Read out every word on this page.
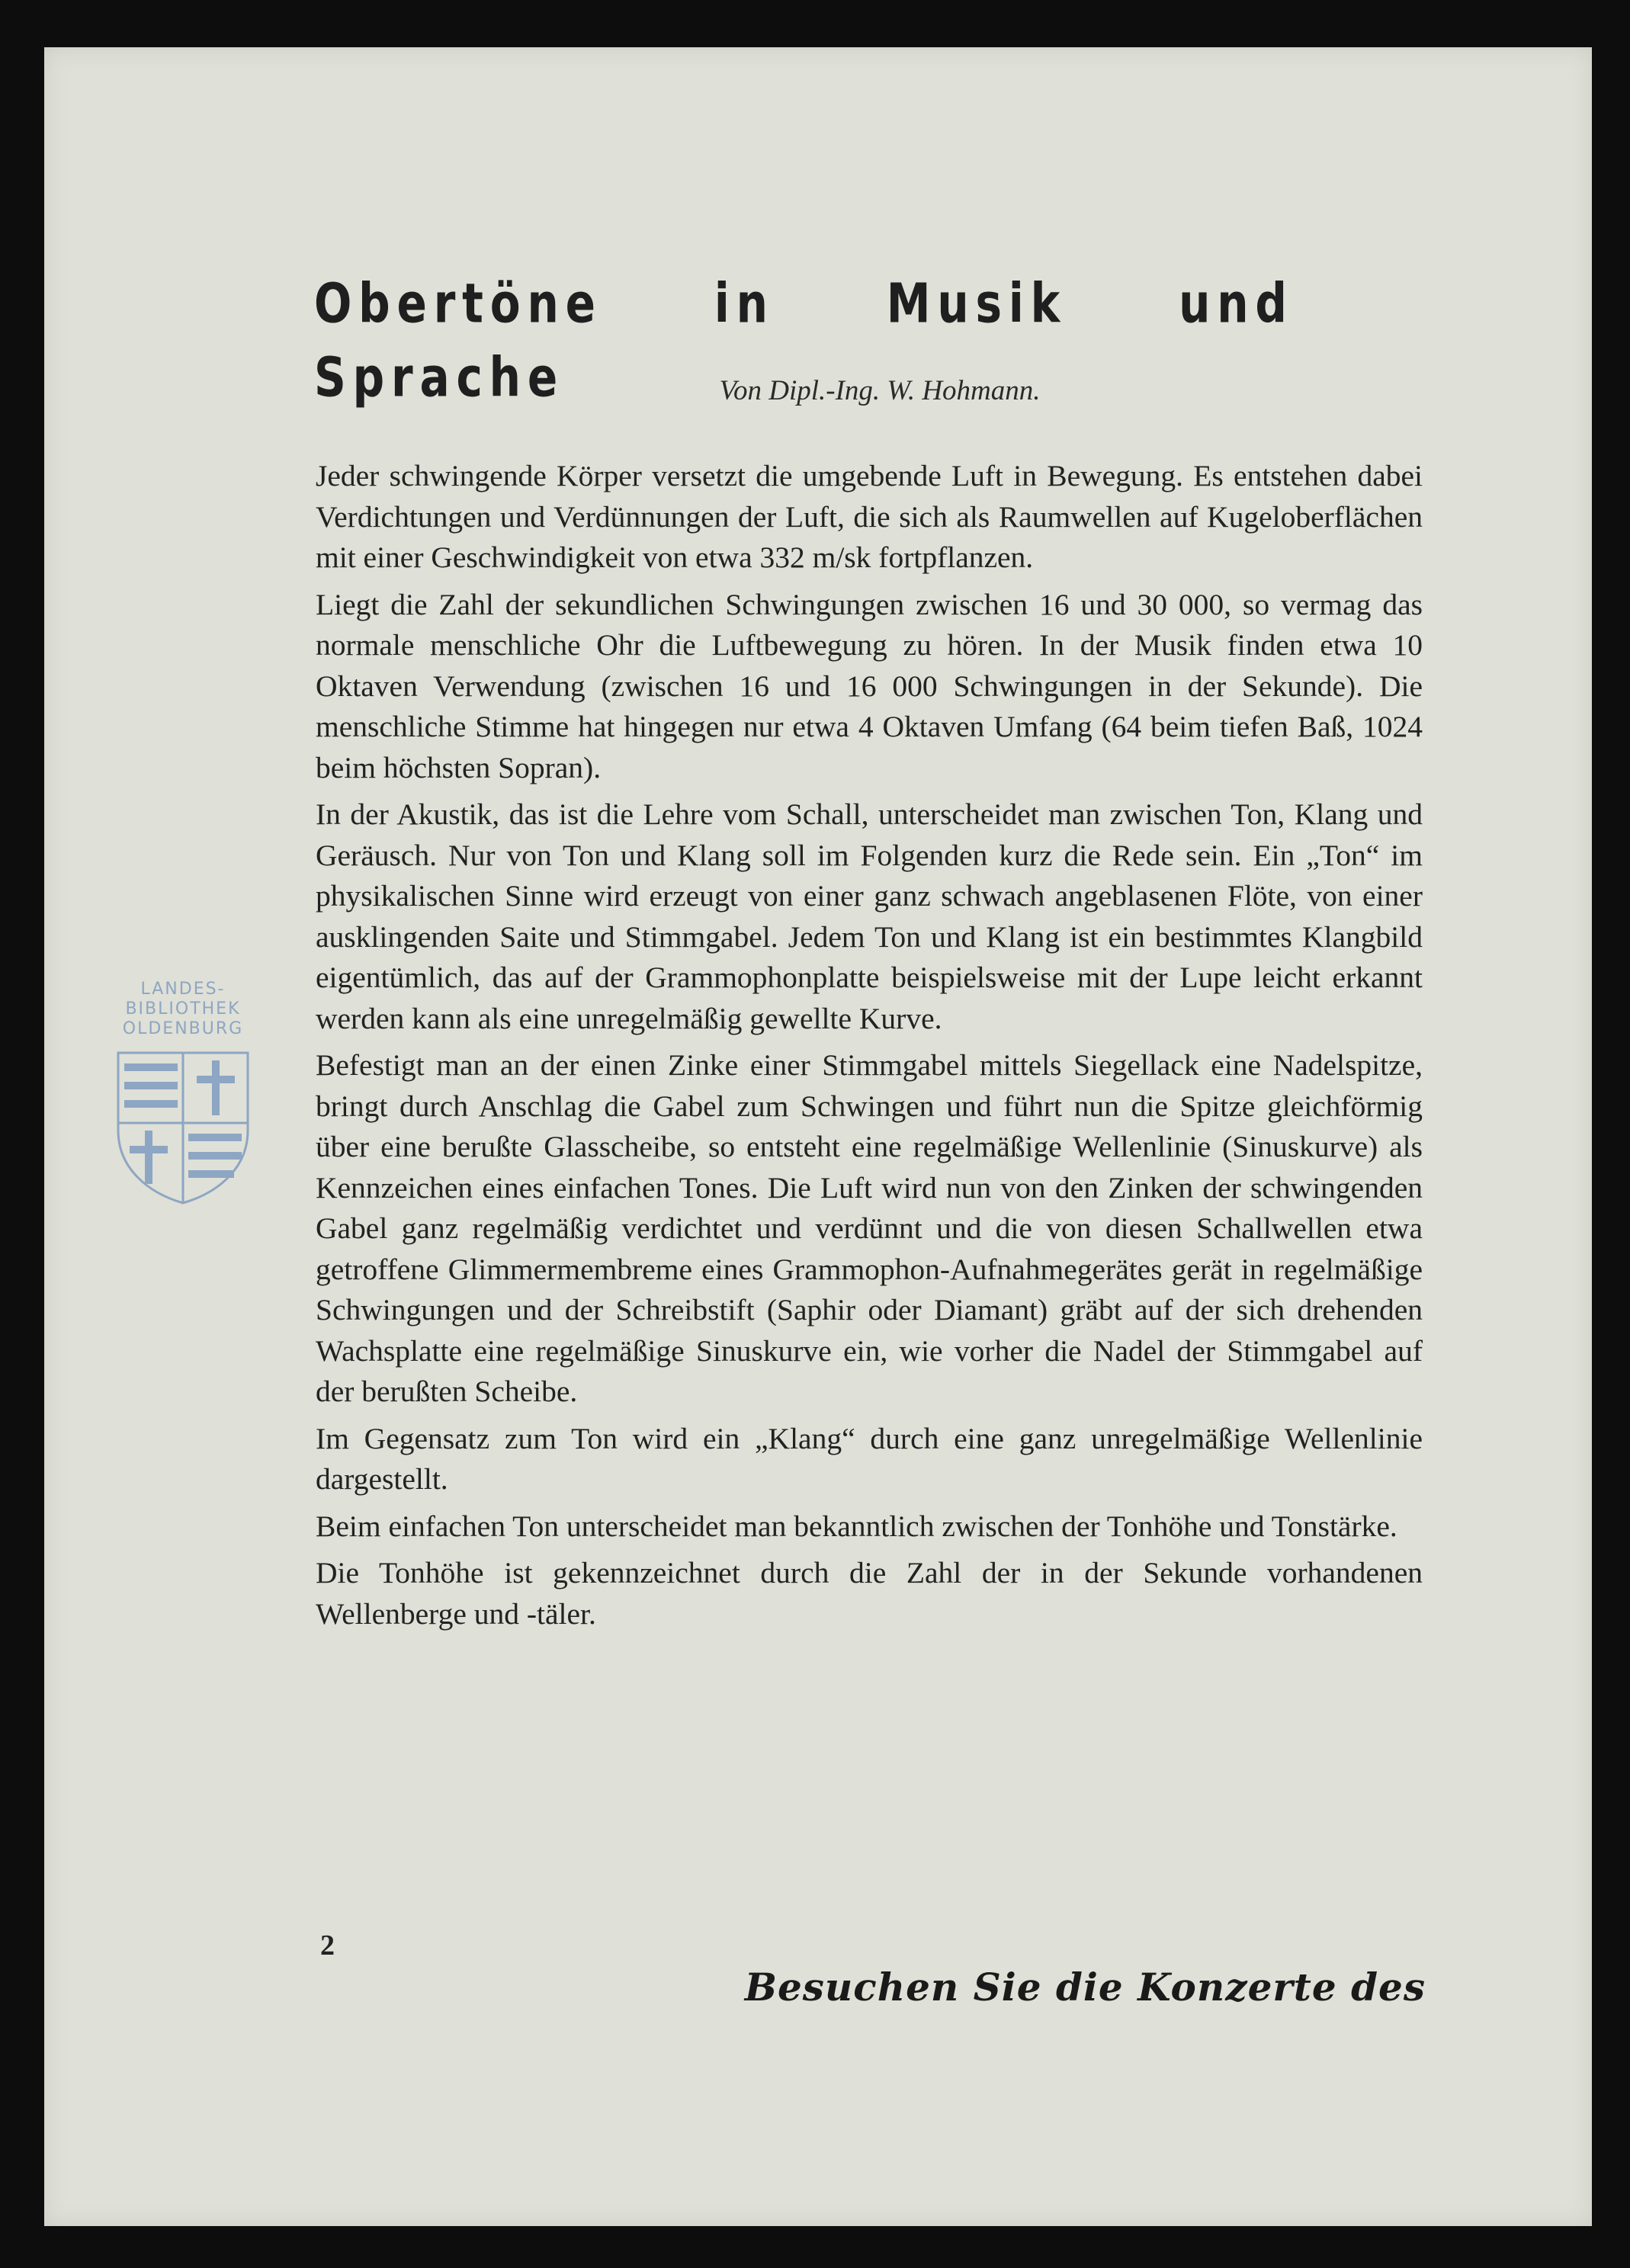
Obertöne in Musik und Sprache	Von Dipl.-Ing. W. Hohmann.

Jeder schwingende Körper versetzt die umgebende Luft in Bewegung. Es entstehen dabei Verdichtungen und Verdünnungen der Luft, die sich als Raumwellen auf Kugeloberflächen mit einer Geschwindigkeit von etwa 332 m/sk fortpflanzen.

Liegt die Zahl der sekundlichen Schwingungen zwischen 16 und 30 000, so vermag das normale menschliche Ohr die Luftbewegung zu hören. In der Musik finden etwa 10 Oktaven Verwendung (zwischen 16 und 16 000 Schwingungen in der Sekunde). Die menschliche Stimme hat hingegen nur etwa 4 Oktaven Umfang (64 beim tiefen Baß, 1024 beim höchsten Sopran).

In der Akustik, das ist die Lehre vom Schall, unterscheidet man zwischen Ton, Klang und Geräusch. Nur von Ton und Klang soll im Folgenden kurz die Rede sein. Ein „Ton“ im physikalischen Sinne wird erzeugt von einer ganz schwach angeblasenen Flöte, von einer ausklingenden Saite und Stimmgabel. Jedem Ton und Klang ist ein bestimmtes Klangbild eigentümlich, das auf der Grammophonplatte beispielsweise mit der Lupe leicht erkannt werden kann als eine unregelmäßig gewellte Kurve.

Befestigt man an der einen Zinke einer Stimmgabel mittels Siegellack eine Nadelspitze, bringt durch Anschlag die Gabel zum Schwingen und führt nun die Spitze gleichförmig über eine berußte Glasscheibe, so entsteht eine regelmäßige Wellenlinie (Sinuskurve) als Kennzeichen eines einfachen Tones. Die Luft wird nun von den Zinken der schwingenden Gabel ganz regelmäßig verdichtet und verdünnt und die von diesen Schallwellen etwa getroffene Glimmermembreme eines Grammophon-Aufnahmegerätes gerät in regelmäßige Schwingungen und der Schreibstift (Saphir oder Diamant) gräbt auf der sich drehenden Wachsplatte eine regelmäßige Sinuskurve ein, wie vorher die Nadel der Stimmgabel auf der berußten Scheibe.

Im Gegensatz zum Ton wird ein „Klang“ durch eine ganz unregelmäßige Wellenlinie dargestellt.

Beim einfachen Ton unterscheidet man bekanntlich zwischen der Tonhöhe und Tonstärke.

Die Tonhöhe ist gekennzeichnet durch die Zahl der in der Sekunde vorhandenen Wellenberge und -täler.

2
Besuchen Sie die Konzerte des
LANDES-
BIBLIOTHEK
OLDENBURG
